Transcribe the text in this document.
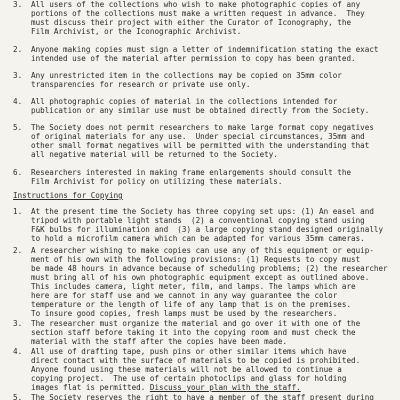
3. All users of the collections who wish to make photographic copies of any
portions of the collections must make a written request in advance.  They
must discuss their project with either the Curator of Iconography, the
Film Archivist, or the Iconographic Archivist.
2. Anyone making copies must sign a letter of indemnification stating the exact
intended use of the material after permission to copy has been granted.
3. Any unrestricted item in the collections may be copied on 35mm color
transparencies for research or private use only.
4. All photographic copies of material in the collections intended for
publication or any similar use must be obtained directly from the Society.
5. The Society does not permit researchers to make large format copy negatives
of original materials for any use.  Under special circumstances, 35mm and
other small format negatives will be permitted with the understanding that
all negative material will be returned to the Society.
6. Researchers interested in making frame enlargements should consult the
Film Archivist for policy on utilizing these materials.
Instructions for Copying
1. At the present time the Society has three copying set ups: (1) An easel and
tripod with portable light stands  (2) a conventional copying stand using
F&K bulbs for illumination and  (3) a large copying stand designed originally
to hold a microfilm camera which can be adapted for various 35mm cameras.
2. A researcher wishing to make copies can use any of this equipment or equip-
ment of his own with the following provisions: (1) Requests to copy must
be made 48 hours in advance because of scheduling problems; (2) the researcher
must bring all of his own photographic equipment except as outlined above.
This includes camera, light meter, film, and lamps. The lamps which are
here are for staff use and we cannot in any way guarantee the color
temperature or the length of life of any lamp that is on the premises.
To insure good copies, fresh lamps must be used by the researchers.
3. The researcher must organize the material and go over it with one of the
section staff before taking it into the copying room and must check the
material with the staff after the copies have been made.
4. All use of drafting tape, push pins or other similar items which have
direct contact with the surface of materials to be copied is prohibited.
Anyone found using these materials will not be allowed to continue a
copying project.  The use of certain photoclips and glass for holding
images flat is permitted. Discuss your plan with the staff.
5. The Society reserves the right to have a member of the staff present during
